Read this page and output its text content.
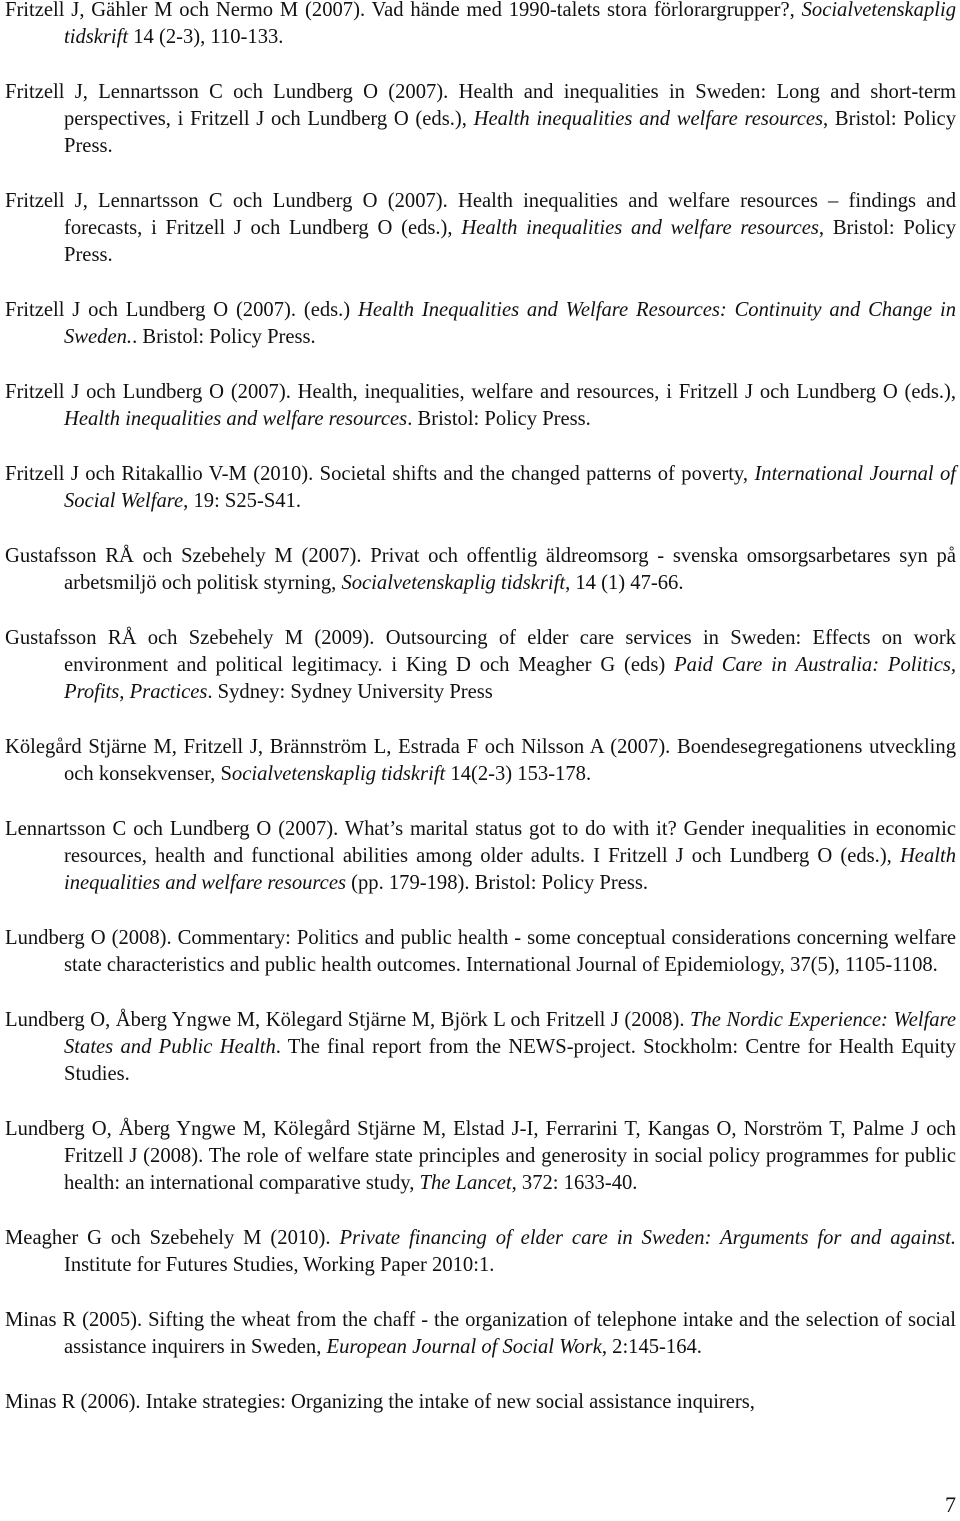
Fritzell J, Gähler M och Nermo M (2007). Vad hände med 1990-talets stora förlorargrupper?, Socialvetenskaplig tidskrift 14 (2-3), 110-133.

Fritzell J, Lennartsson C och Lundberg O (2007). Health and inequalities in Sweden: Long and short-term perspectives, i Fritzell J och Lundberg O (eds.), Health inequalities and welfare resources, Bristol: Policy Press.

Fritzell J, Lennartsson C och Lundberg O (2007). Health inequalities and welfare resources – findings and forecasts, i Fritzell J och Lundberg O (eds.), Health inequalities and welfare resources, Bristol: Policy Press.

Fritzell J och Lundberg O (2007). (eds.) Health Inequalities and Welfare Resources: Continuity and Change in Sweden.. Bristol: Policy Press.

Fritzell J och Lundberg O (2007). Health, inequalities, welfare and resources, i Fritzell J och Lundberg O (eds.), Health inequalities and welfare resources. Bristol: Policy Press.

Fritzell J och Ritakallio V-M (2010). Societal shifts and the changed patterns of poverty, International Journal of Social Welfare, 19: S25-S41.

Gustafsson RÅ och Szebehely M (2007). Privat och offentlig äldreomsorg - svenska omsorgsarbetares syn på arbetsmiljö och politisk styrning, Socialvetenskaplig tidskrift, 14 (1) 47-66.

Gustafsson RÅ och Szebehely M (2009). Outsourcing of elder care services in Sweden: Effects on work environment and political legitimacy. i King D och Meagher G (eds) Paid Care in Australia: Politics, Profits, Practices. Sydney: Sydney University Press

Kölegård Stjärne M, Fritzell J, Brännström L, Estrada F och Nilsson A (2007). Boendesegregationens utveckling och konsekvenser, Socialvetenskaplig tidskrift 14(2-3) 153-178.

Lennartsson C och Lundberg O (2007). What’s marital status got to do with it? Gender inequalities in economic resources, health and functional abilities among older adults. I Fritzell J och Lundberg O (eds.), Health inequalities and welfare resources (pp. 179-198). Bristol: Policy Press.

Lundberg O (2008). Commentary: Politics and public health - some conceptual considerations concerning welfare state characteristics and public health outcomes. International Journal of Epidemiology, 37(5), 1105-1108.

Lundberg O, Åberg Yngwe M, Kölegard Stjärne M, Björk L och Fritzell J (2008). The Nordic Experience: Welfare States and Public Health. The final report from the NEWS-project. Stockholm: Centre for Health Equity Studies.

Lundberg O, Åberg Yngwe M, Kölegård Stjärne M, Elstad J-I, Ferrarini T, Kangas O, Norström T, Palme J och Fritzell J (2008). The role of welfare state principles and generosity in social policy programmes for public health: an international comparative study, The Lancet, 372: 1633-40.

Meagher G och Szebehely M (2010). Private financing of elder care in Sweden: Arguments for and against. Institute for Futures Studies, Working Paper 2010:1.

Minas R (2005). Sifting the wheat from the chaff - the organization of telephone intake and the selection of social assistance inquirers in Sweden, European Journal of Social Work, 2:145-164.

Minas R (2006). Intake strategies: Organizing the intake of new social assistance inquirers,

7
